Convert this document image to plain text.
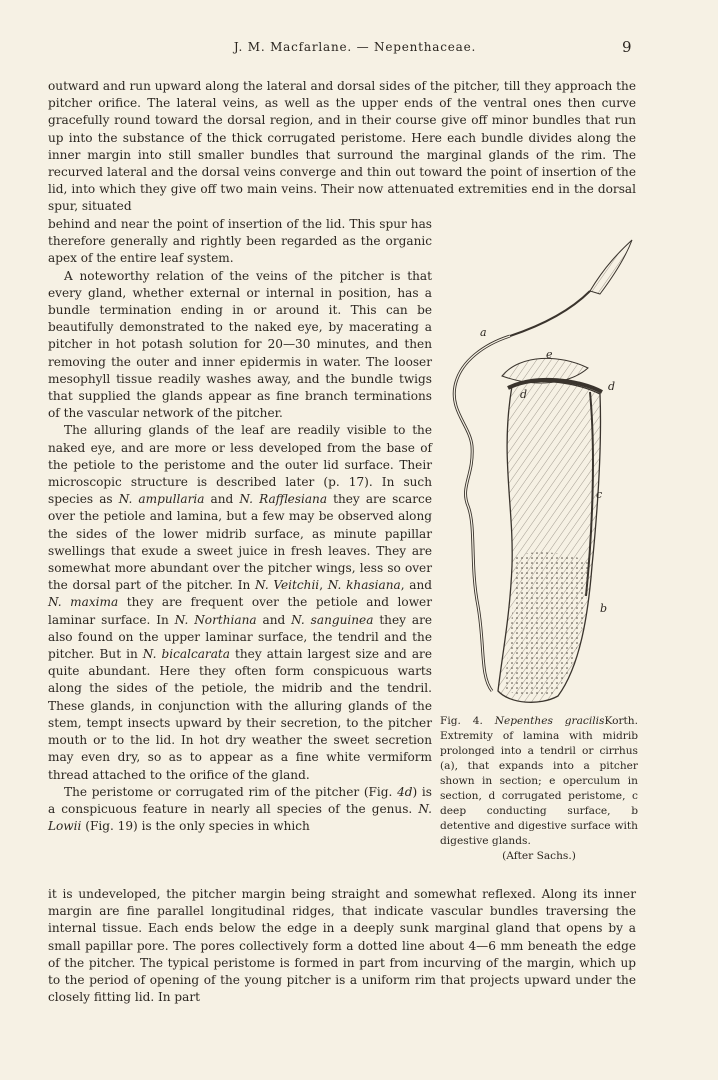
J. M. Macfarlane. — Nepenthaceae.	9

outward and run upward along the lateral and dorsal sides of the pitcher, till they approach the pitcher orifice. The lateral veins, as well as the upper ends of the ventral ones then curve gracefully round toward the dorsal region, and in their course give off minor bundles that run up into the substance of the thick corrugated peristome. Here each bundle divides along the inner margin into still smaller bundles that surround the marginal glands of the rim. The recurved lateral and the dorsal veins converge and thin out toward the point of insertion of the lid, into which they give off two main veins. Their now attenuated extremities end in the dorsal spur, situated

behind and near the point of insertion of the lid. This spur has therefore generally and rightly been regarded as the organic apex of the entire leaf system.

A noteworthy relation of the veins of the pitcher is that every gland, whether external or internal in position, has a bundle termination ending in or around it. This can be beautifully demonstrated to the naked eye, by macerating a pitcher in hot potash solution for 20—30 minutes, and then removing the outer and inner epidermis in water. The looser mesophyll tissue readily washes away, and the bundle twigs that supplied the glands appear as fine branch terminations of the vascular network of the pitcher.

The alluring glands of the leaf are readily visible to the naked eye, and are more or less developed from the base of the petiole to the peristome and the outer lid surface. Their microscopic structure is described later (p. 17). In such species as N. ampullaria and N. Rafflesiana they are scarce over the petiole and lamina, but a few may be observed along the sides of the lower midrib surface, as minute papillar swellings that exude a sweet juice in fresh leaves. They are somewhat more abundant over the pitcher wings, less so over the dorsal part of the pitcher. In N. Veitchii, N. khasiana, and N. maxima they are frequent over the petiole and lower laminar surface. In N. Northiana and N. sanguinea they are also found on the upper laminar surface, the tendril and the pitcher. But in N. bicalcarata they attain largest size and are quite abundant. Here they often form conspicuous warts along the sides of the petiole, the midrib and the tendril. These glands, in conjunction with the alluring glands of the stem, tempt insects upward by their secretion, to the pitcher mouth or to the lid. In hot dry weather the sweet secretion may even dry, so as to appear as a fine white vermiform thread attached to the orifice of the gland.

The peristome or corrugated rim of the pitcher (Fig. 4d) is a conspicuous feature in nearly all species of the genus. N. Lowii (Fig. 19) is the only species in which

a
e
d
d
c
b
Fig. 4. Nepenthes gracilisKorth. Extremity of lamina with midrib prolonged into a tendril or cirrhus (a), that expands into a pitcher shown in section; e operculum in section, d corrugated peristome, c deep conducting surface, b detentive and digestive surface with digestive glands.
(After Sachs.)

it is undeveloped, the pitcher margin being straight and somewhat reflexed. Along its inner margin are fine parallel longitudinal ridges, that indicate vascular bundles traversing the internal tissue. Each ends below the edge in a deeply sunk marginal gland that opens by a small papillar pore. The pores collectively form a dotted line about 4—6 mm beneath the edge of the pitcher. The typical peristome is formed in part from incurving of the margin, which up to the period of opening of the young pitcher is a uniform rim that projects upward under the closely fitting lid. In part
